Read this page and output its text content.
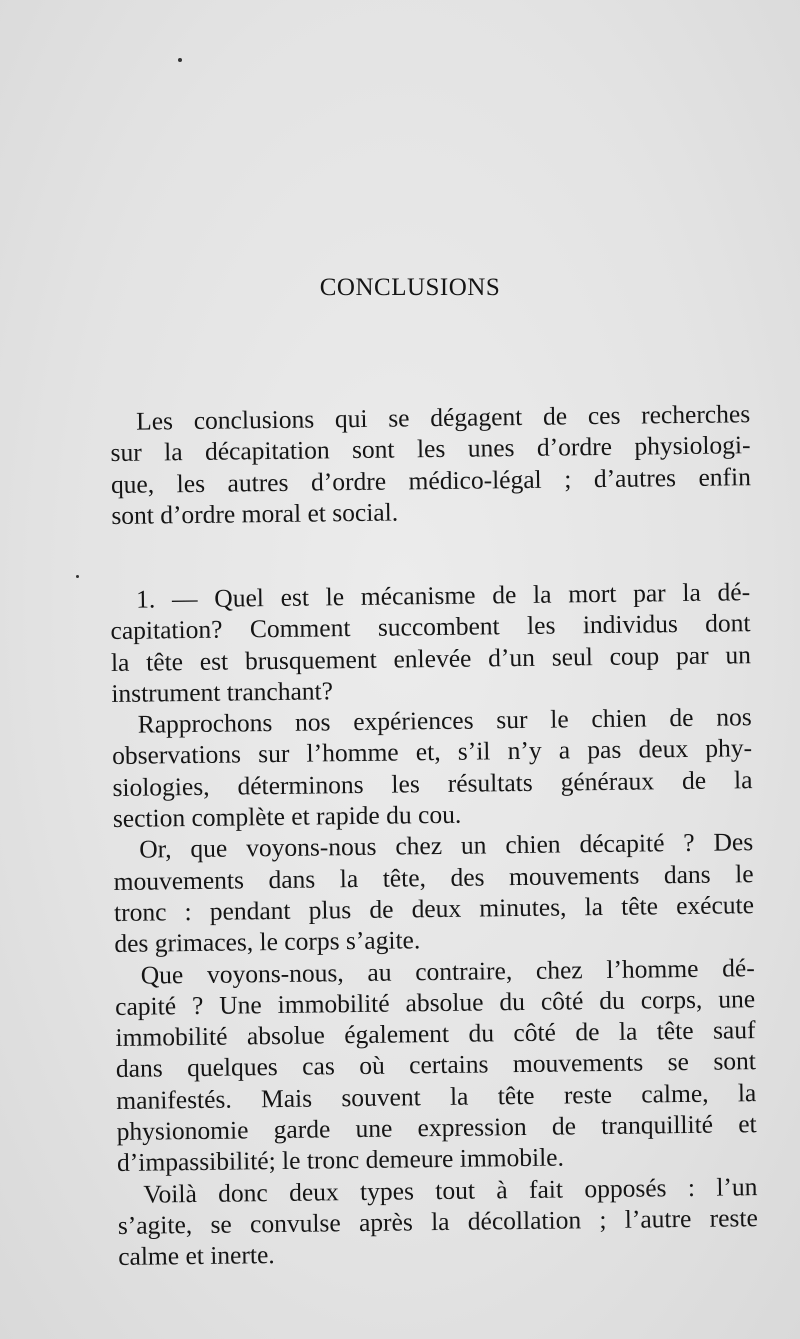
CONCLUSIONS
Les conclusions qui se dégagent de ces recherches
sur la décapitation sont les unes d’ordre physiologi-
que, les autres d’ordre médico-légal ; d’autres enfin
sont d’ordre moral et social.
1. — Quel est le mécanisme de la mort par la dé-
capitation? Comment succombent les individus dont
la tête est brusquement enlevée d’un seul coup par un
instrument tranchant?
Rapprochons nos expériences sur le chien de nos
observations sur l’homme et, s’il n’y a pas deux phy-
siologies, déterminons les résultats généraux de la
section complète et rapide du cou.
Or, que voyons-nous chez un chien décapité ? Des
mouvements dans la tête, des mouvements dans le
tronc : pendant plus de deux minutes, la tête exécute
des grimaces, le corps s’agite.
Que voyons-nous, au contraire, chez l’homme dé-
capité ? Une immobilité absolue du côté du corps, une
immobilité absolue également du côté de la tête sauf
dans quelques cas où certains mouvements se sont
manifestés. Mais souvent la tête reste calme, la
physionomie garde une expression de tranquillité et
d’impassibilité; le tronc demeure immobile.
Voilà donc deux types tout à fait opposés : l’un
s’agite, se convulse après la décollation ; l’autre reste
calme et inerte.
